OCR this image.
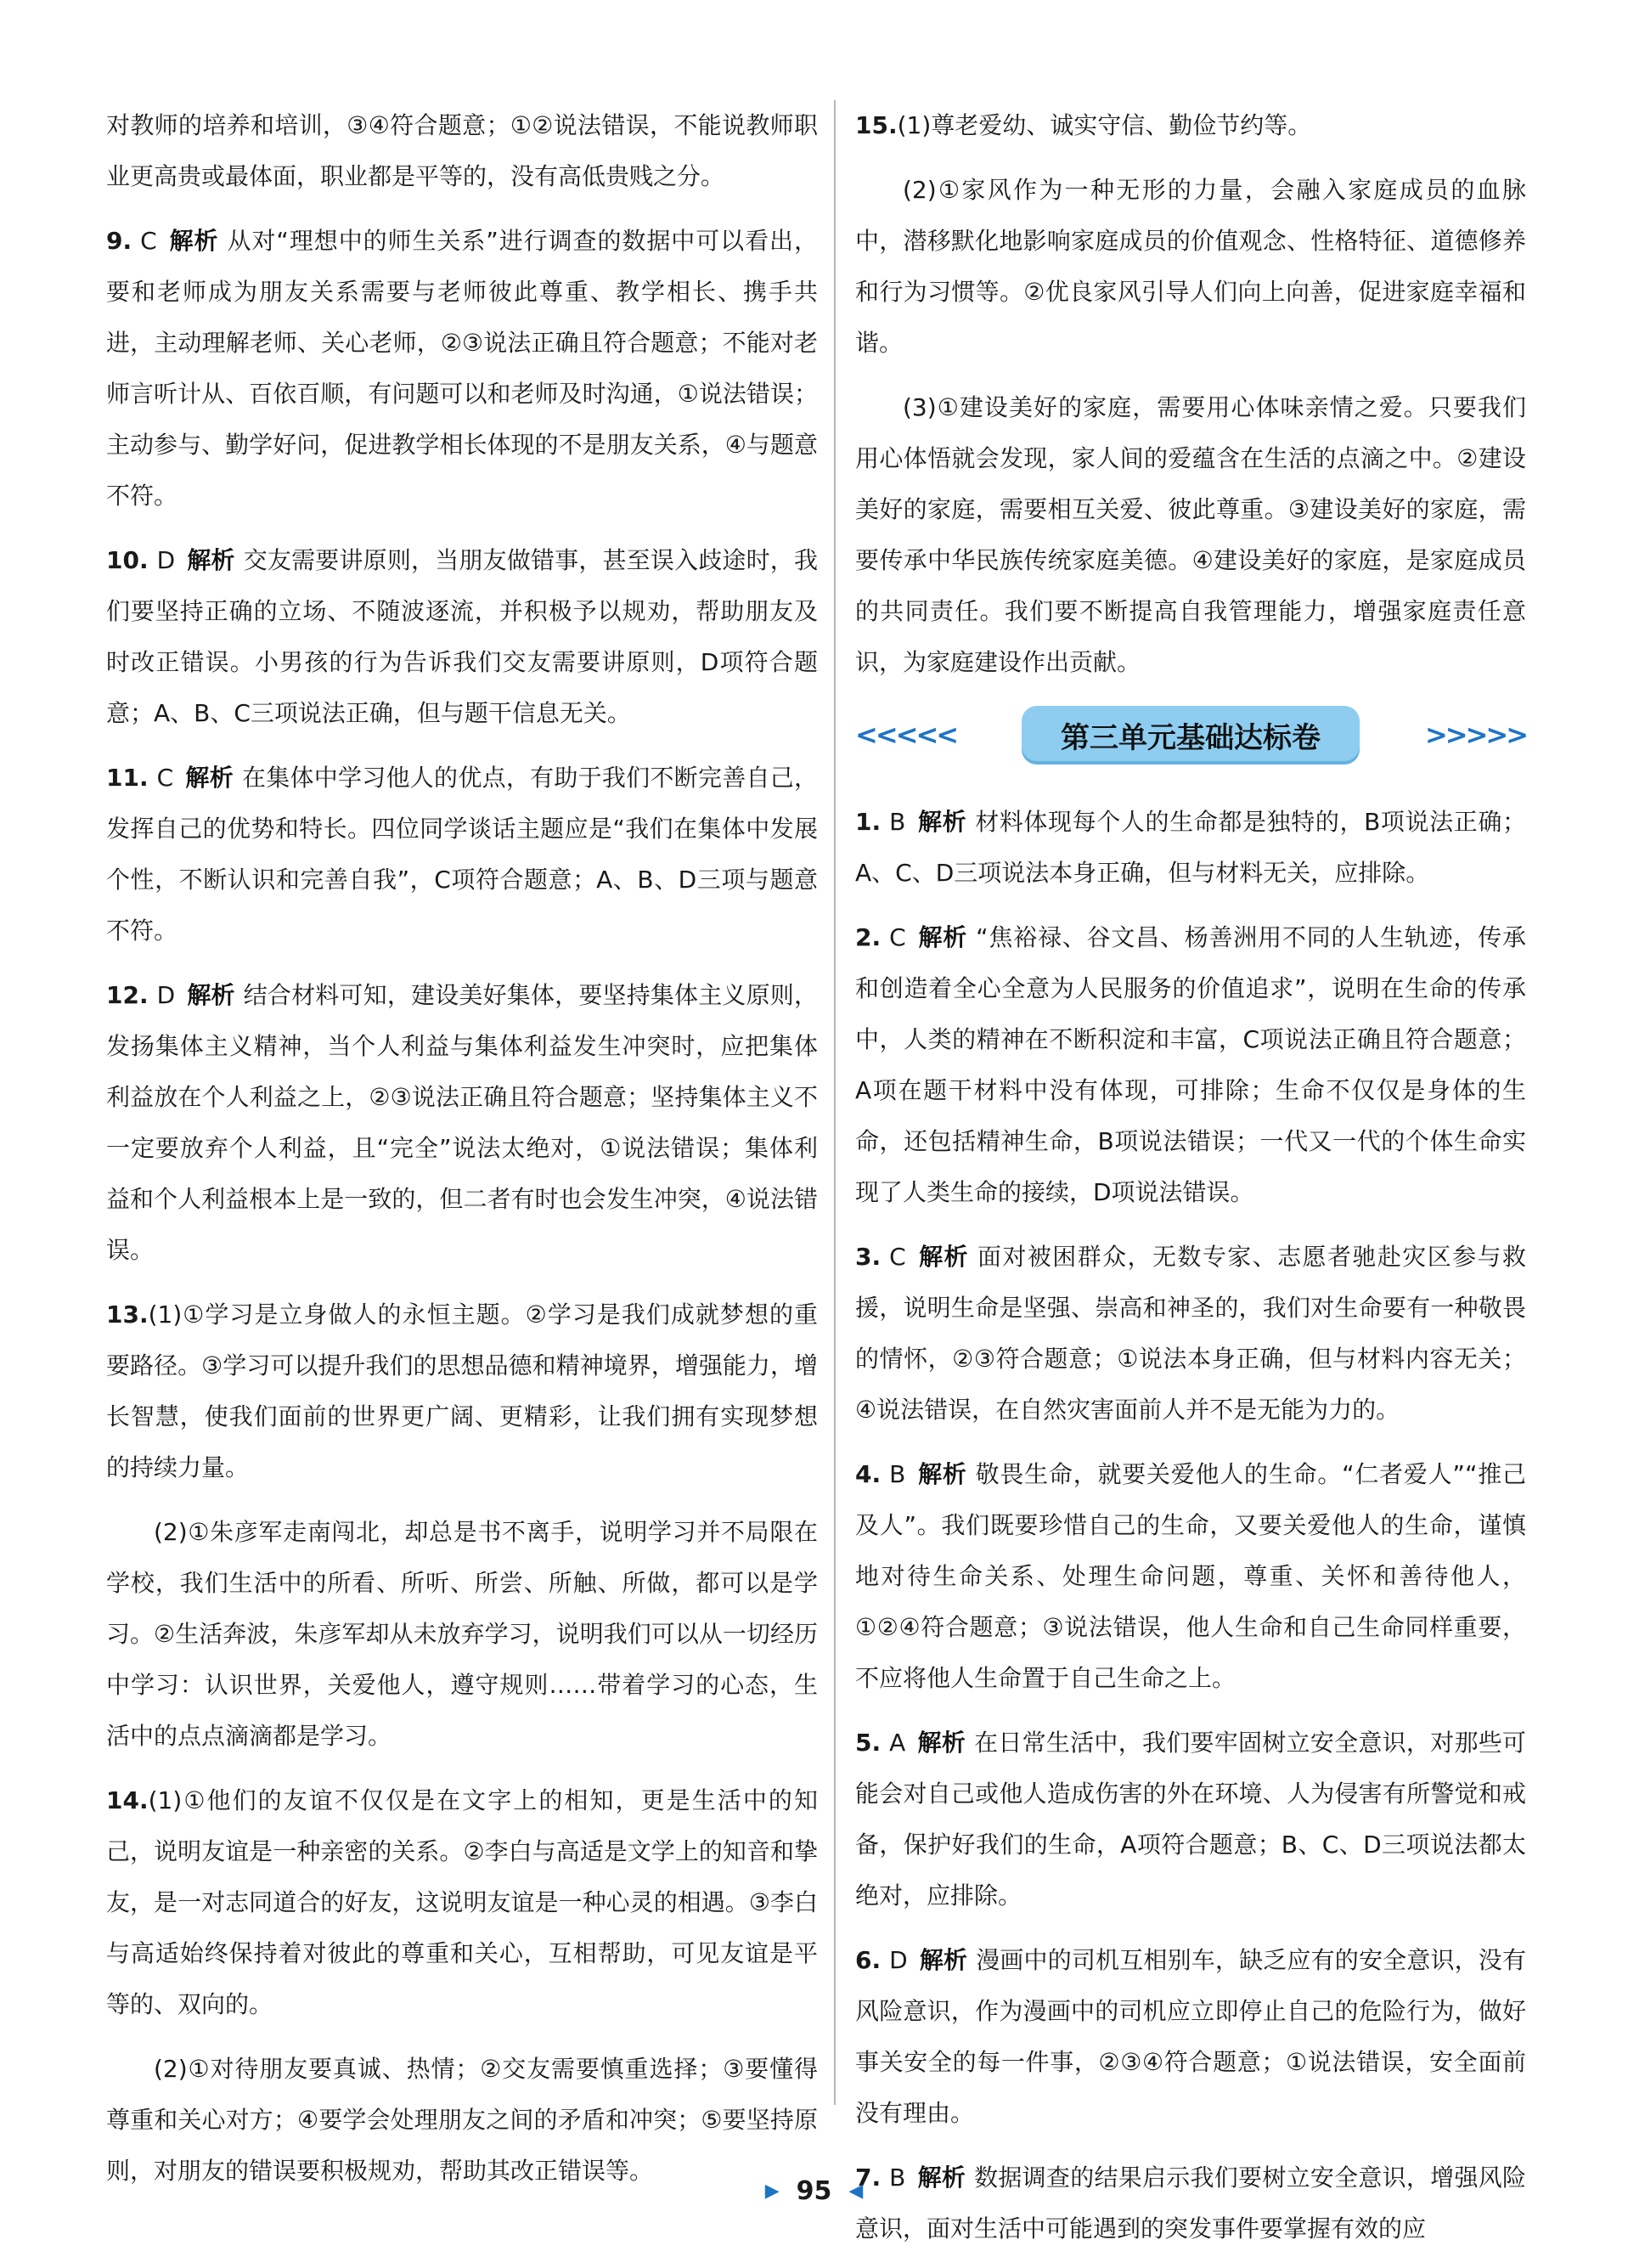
对教师的培养和培训，③④符合题意；①②说法错误，不能说教师职业更高贵或最体面，职业都是平等的，没有高低贵贱之分。

9. C 解析 从对“理想中的师生关系”进行调查的数据中可以看出，要和老师成为朋友关系需要与老师彼此尊重、教学相长、携手共进，主动理解老师、关心老师，②③说法正确且符合题意；不能对老师言听计从、百依百顺，有问题可以和老师及时沟通，①说法错误；主动参与、勤学好问，促进教学相长体现的不是朋友关系，④与题意不符。

10. D 解析 交友需要讲原则，当朋友做错事，甚至误入歧途时，我们要坚持正确的立场、不随波逐流，并积极予以规劝，帮助朋友及时改正错误。小男孩的行为告诉我们交友需要讲原则，D项符合题意；A、B、C三项说法正确，但与题干信息无关。

11. C 解析 在集体中学习他人的优点，有助于我们不断完善自己，发挥自己的优势和特长。四位同学谈话主题应是“我们在集体中发展个性，不断认识和完善自我”，C项符合题意；A、B、D三项与题意不符。

12. D 解析 结合材料可知，建设美好集体，要坚持集体主义原则，发扬集体主义精神，当个人利益与集体利益发生冲突时，应把集体利益放在个人利益之上，②③说法正确且符合题意；坚持集体主义不一定要放弃个人利益，且“完全”说法太绝对，①说法错误；集体利益和个人利益根本上是一致的，但二者有时也会发生冲突，④说法错误。

13.(1)①学习是立身做人的永恒主题。②学习是我们成就梦想的重要路径。③学习可以提升我们的思想品德和精神境界，增强能力，增长智慧，使我们面前的世界更广阔、更精彩，让我们拥有实现梦想的持续力量。

(2)①朱彦军走南闯北，却总是书不离手，说明学习并不局限在学校，我们生活中的所看、所听、所尝、所触、所做，都可以是学习。②生活奔波，朱彦军却从未放弃学习，说明我们可以从一切经历中学习：认识世界，关爱他人，遵守规则……带着学习的心态，生活中的点点滴滴都是学习。

14.(1)①他们的友谊不仅仅是在文字上的相知，更是生活中的知己，说明友谊是一种亲密的关系。②李白与高适是文学上的知音和挚友，是一对志同道合的好友，这说明友谊是一种心灵的相遇。③李白与高适始终保持着对彼此的尊重和关心，互相帮助，可见友谊是平等的、双向的。

(2)①对待朋友要真诚、热情；②交友需要慎重选择；③要懂得尊重和关心对方；④要学会处理朋友之间的矛盾和冲突；⑤要坚持原则，对朋友的错误要积极规劝，帮助其改正错误等。

15.(1)尊老爱幼、诚实守信、勤俭节约等。

(2)①家风作为一种无形的力量，会融入家庭成员的血脉中，潜移默化地影响家庭成员的价值观念、性格特征、道德修养和行为习惯等。②优良家风引导人们向上向善，促进家庭幸福和谐。

(3)①建设美好的家庭，需要用心体味亲情之爱。只要我们用心体悟就会发现，家人间的爱蕴含在生活的点滴之中。②建设美好的家庭，需要相互关爱、彼此尊重。③建设美好的家庭，需要传承中华民族传统家庭美德。④建设美好的家庭，是家庭成员的共同责任。我们要不断提高自我管理能力，增强家庭责任意识，为家庭建设作出贡献。

<<<<<	第三单元基础达标卷	>>>>>

1. B 解析 材料体现每个人的生命都是独特的，B项说法正确；A、C、D三项说法本身正确，但与材料无关，应排除。

2. C 解析 “焦裕禄、谷文昌、杨善洲用不同的人生轨迹，传承和创造着全心全意为人民服务的价值追求”，说明在生命的传承中，人类的精神在不断积淀和丰富，C项说法正确且符合题意；A项在题干材料中没有体现，可排除；生命不仅仅是身体的生命，还包括精神生命，B项说法错误；一代又一代的个体生命实现了人类生命的接续，D项说法错误。

3. C 解析 面对被困群众，无数专家、志愿者驰赴灾区参与救援，说明生命是坚强、崇高和神圣的，我们对生命要有一种敬畏的情怀，②③符合题意；①说法本身正确，但与材料内容无关；④说法错误，在自然灾害面前人并不是无能为力的。

4. B 解析 敬畏生命，就要关爱他人的生命。“仁者爱人”“推己及人”。我们既要珍惜自己的生命，又要关爱他人的生命，谨慎地对待生命关系、处理生命问题，尊重、关怀和善待他人，①②④符合题意；③说法错误，他人生命和自己生命同样重要，不应将他人生命置于自己生命之上。

5. A 解析 在日常生活中，我们要牢固树立安全意识，对那些可能会对自己或他人造成伤害的外在环境、人为侵害有所警觉和戒备，保护好我们的生命，A项符合题意；B、C、D三项说法都太绝对，应排除。

6. D 解析 漫画中的司机互相别车，缺乏应有的安全意识，没有风险意识，作为漫画中的司机应立即停止自己的危险行为，做好事关安全的每一件事，②③④符合题意；①说法错误，安全面前没有理由。

7. B 解析 数据调查的结果启示我们要树立安全意识，增强风险意识，面对生活中可能遇到的突发事件要掌握有效的应

▶ 95 ◀
